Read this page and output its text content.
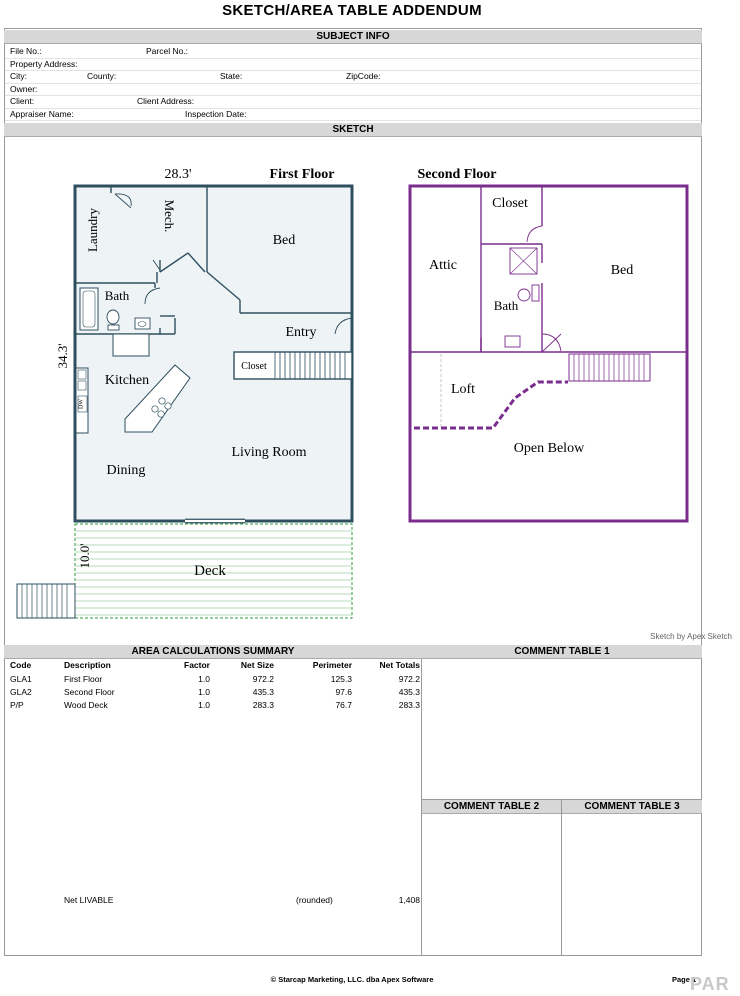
SKETCH/AREA TABLE ADDENDUM
SUBJECT INFO
File No.:	Parcel No.:
Property Address:
City:	County:	State:	ZipCode:
Owner:
Client:	Client Address:
Appraiser Name:	Inspection Date:
SKETCH
DW
28.3'	First Floor
34.3'
Laundry	Mech.
Bed
Bath
Entry
Closet
Kitchen
Dining
Living Room
10.0'
Deck
Second Floor
Closet
Attic	Bed
Bath
Loft
Open Below
Sketch by Apex Sketch
AREA CALCULATIONS SUMMARY
Code	Description	Factor	Net Size	Perimeter	Net Totals
GLA1	First Floor	1.0	972.2	125.3	972.2
GLA2	Second Floor	1.0	435.3	97.6	435.3
P/P	Wood Deck	1.0	283.3	76.7	283.3
Net LIVABLE	(rounded)	1,408
COMMENT TABLE 1
COMMENT TABLE 2	COMMENT TABLE 3
© Starcap Marketing, LLC. dba Apex Software	Page 1
PAR
